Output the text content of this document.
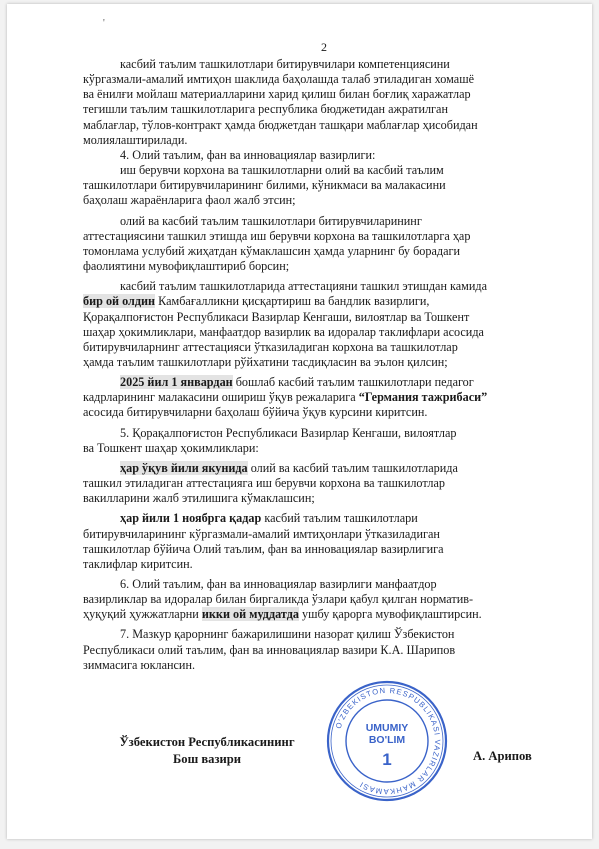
'
2

касбий таълим ташкилотлари битирувчилари компетенциясини

кўргазмали-амалий имтиҳон шаклида баҳолашда талаб этиладиган хомашё

ва ёнилғи мойлаш материалларини харид қилиш билан боғлиқ харажатлар

тегишли таълим ташкилотларига республика бюджетидан ажратилган

маблағлар, тўлов-контракт ҳамда бюджетдан ташқари маблағлар ҳисобидан

молиялаштирилади.

4. Олий таълим, фан ва инновациялар вазирлиги:

иш берувчи корхона ва ташкилотларни олий ва касбий таълим

ташкилотлари битирувчиларининг билими, кўникмаси ва малакасини

баҳолаш жараёнларига фаол жалб этсин;

олий ва касбий таълим ташкилотлари битирувчиларининг

аттестациясини ташкил этишда иш берувчи корхона ва ташкилотларга ҳар

томонлама услубий жиҳатдан кўмаклашсин ҳамда уларнинг бу борадаги

фаолиятини мувофиқлаштириб борсин;

касбий таълим ташкилотларида аттестацияни ташкил этишдан камида

бир ой олдин Камбағалликни қисқартириш ва бандлик вазирлиги,

Қорақалпоғистон Республикаси Вазирлар Кенгаши, вилоятлар ва Тошкент

шаҳар ҳокимликлари, манфаатдор вазирлик ва идоралар таклифлари асосида

битирувчиларнинг аттестацияси ўтказиладиган корхона ва ташкилотлар

ҳамда таълим ташкилотлари рўйхатини тасдиқласин ва эълон қилсин;

2025 йил 1 январдан бошлаб касбий таълим ташкилотлари педагог

кадрларининг малакасини ошириш ўқув режаларига “Германия тажрибаси”

асосида битирувчиларни баҳолаш бўйича ўқув курсини киритсин.

5. Қорақалпоғистон Республикаси Вазирлар Кенгаши, вилоятлар

ва Тошкент шаҳар ҳокимликлари:

ҳар ўқув йили якунида олий ва касбий таълим ташкилотларида

ташкил этиладиган аттестацияга иш берувчи корхона ва ташкилотлар

вакилларини жалб этилишига кўмаклашсин;

ҳар йили 1 ноябрга қадар касбий таълим ташкилотлари

битирувчиларининг кўргазмали-амалий имтиҳонлари ўтказиладиган

ташкилотлар бўйича Олий таълим, фан ва инновациялар вазирлигига

таклифлар киритсин.

6. Олий таълим, фан ва инновациялар вазирлиги манфаатдор

вазирликлар ва идоралар билан биргаликда ўзлари қабул қилган норматив-

ҳуқуқий ҳужжатларни икки ой муддатда ушбу қарорга мувофиқлаштирсин.

7. Мазкур қарорнинг бажарилишини назорат қилиш Ўзбекистон

Республикаси олий таълим, фан ва инновациялар вазири К.А. Шарипов

зиммасига юклансин.

Ўзбекистон Республикасининг
Бош вазири	А. Арипов
O'ZBEKISTON RESPUBLIKASI VAZIRLAR MAHKAMASI
UMUMIY
BO'LIM
1
